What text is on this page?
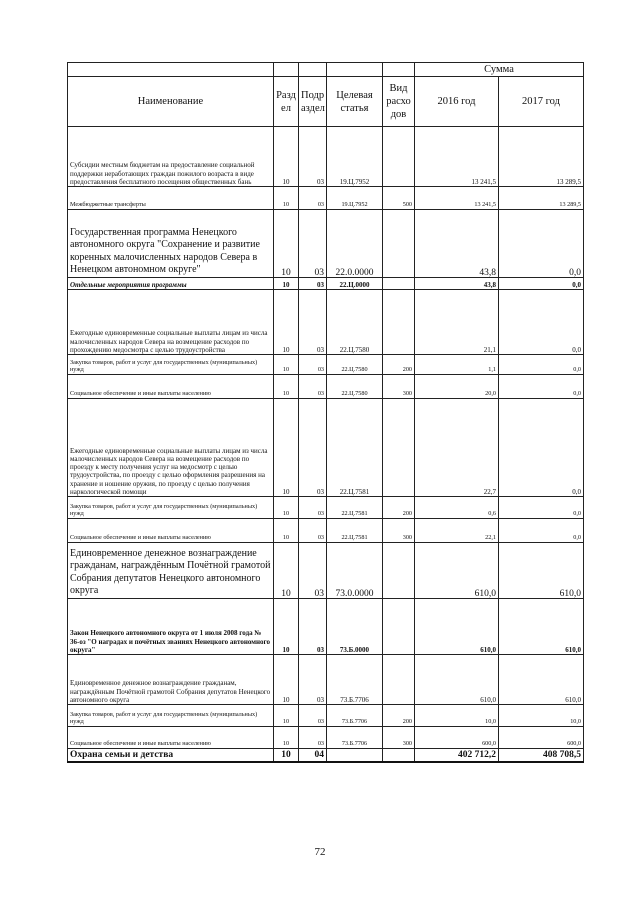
					Сумма	
Наименование	Разд ел	Подр аздел	Целевая статья	Вид расхо дов	2016 год	2017 год
Субсидии местным бюджетам на предоставление социальной поддержки неработающих граждан пожилого возраста в виде предоставления бесплатного посещения общественных бань	10	03	19.Ц.7952		13 241,5	13 289,5
Межбюджетные трансферты	10	03	19.Ц.7952	500	13 241,5	13 289,5
Государственная программа Ненецкого автономного округа "Сохранение и развитие коренных малочисленных народов Севера в Ненецком автономном округе"	10	03	22.0.0000		43,8	0,0
Отдельные мероприятия программы	10	03	22.Ц.0000		43,8	0,0
Ежегодные единовременные социальные выплаты лицам из числа малочисленных народов Севера на возмещение расходов по прохождению медосмотра с целью трудоустройства	10	03	22.Ц.7580		21,1	0,0
Закупка товаров, работ и услуг для государственных (муниципальных) нужд	10	03	22.Ц.7580	200	1,1	0,0
Социальное обеспечение и иные выплаты населению	10	03	22.Ц.7580	300	20,0	0,0
Ежегодные единовременные социальные выплаты лицам из числа малочисленных народов Севера на возмещение расходов по проезду к месту получения услуг на медосмотр с целью трудоустройства, по проезду с целью оформления разрешения на хранение и ношение оружия, по проезду с целью получения наркологической помощи	10	03	22.Ц.7581		22,7	0,0
Закупка товаров, работ и услуг для государственных (муниципальных) нужд	10	03	22.Ц.7581	200	0,6	0,0
Социальное обеспечение и иные выплаты населению	10	03	22.Ц.7581	300	22,1	0,0
Единовременное денежное вознаграждение гражданам, награждённым Почётной грамотой Собрания депутатов Ненецкого автономного округа	10	03	73.0.0000		610,0	610,0
Закон Ненецкого автономного округа от 1 июля 2008 года № 36-оз "О наградах и почётных званиях Ненецкого автономного округа"	10	03	73.Б.0000		610,0	610,0
Единовременное денежное вознаграждение гражданам, награждённым Почётной грамотой Собрания депутатов Ненецкого автономного округа	10	03	73.Б.7706		610,0	610,0
Закупка товаров, работ и услуг для государственных (муниципальных) нужд	10	03	73.Б.7706	200	10,0	10,0
Социальное обеспечение и иные выплаты населению	10	03	73.Б.7706	300	600,0	600,0
Охрана семьи и детства	10	04			402 712,2	408 708,5
72
